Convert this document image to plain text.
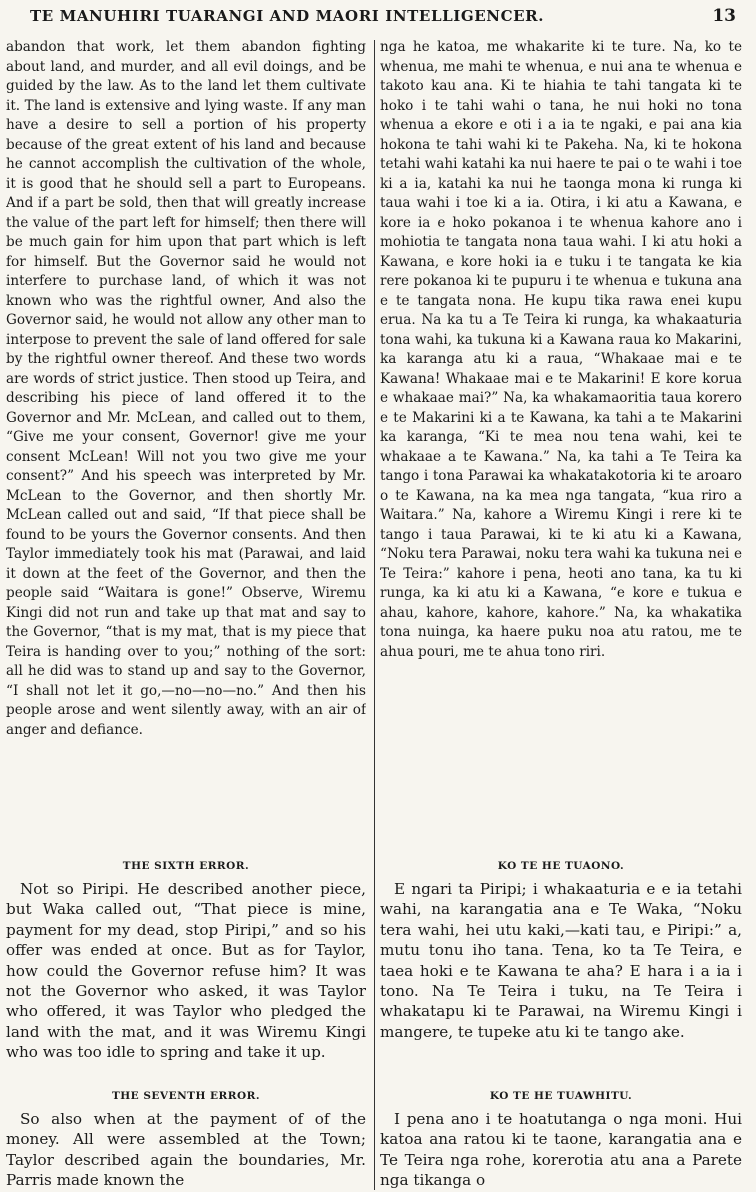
TE MANUHIRI TUARANGI AND MAORI INTELLIGENCER.	13

abandon that work, let them abandon fighting about land, and murder, and all evil doings, and be guided by the law. As to the land let them cultivate it. The land is extensive and lying waste. If any man have a desire to sell a portion of his property because of the great extent of his land and because he cannot accomplish the cultivation of the whole, it is good that he should sell a part to Europeans. And if a part be sold, then that will greatly increase the value of the part left for himself; then there will be much gain for him upon that part which is left for himself. But the Governor said he would not interfere to purchase land, of which it was not known who was the rightful owner, And also the Governor said, he would not allow any other man to interpose to prevent the sale of land offered for sale by the rightful owner thereof. And these two words are words of strict justice. Then stood up Teira, and describing his piece of land offered it to the Governor and Mr. McLean, and called out to them, “Give me your consent, Governor! give me your consent McLean! Will not you two give me your consent?” And his speech was interpreted by Mr. McLean to the Governor, and then shortly Mr. McLean called out and said, “If that piece shall be found to be yours the Governor consents. And then Taylor immediately took his mat (Parawai, and laid it down at the feet of the Governor, and then the people said “Waitara is gone!” Observe, Wiremu Kingi did not run and take up that mat and say to the Governor, “that is my mat, that is my piece that Teira is handing over to you;” nothing of the sort: all he did was to stand up and say to the Governor, “I shall not let it go,—no—no—no.” And then his people arose and went silently away, with an air of anger and defiance.

THE SIXTH ERROR.

Not so Piripi. He described another piece, but Waka called out, “That piece is mine, payment for my dead, stop Piripi,” and so his offer was ended at once. But as for Taylor, how could the Governor refuse him? It was not the Governor who asked, it was Taylor who offered, it was Taylor who pledged the land with the mat, and it was Wiremu Kingi who was too idle to spring and take it up.

THE SEVENTH ERROR.

So also when at the payment of of the money. All were assembled at the Town; Taylor described again the boundaries, Mr. Parris made known the

nga he katoa, me whakarite ki te ture. Na, ko te whenua, me mahi te whenua, e nui ana te whenua e takoto kau ana. Ki te hiahia te tahi tangata ki te hoko i te tahi wahi o tana, he nui hoki no tona whenua a ekore e oti i a ia te ngaki, e pai ana kia hokona te tahi wahi ki te Pakeha. Na, ki te hokona tetahi wahi katahi ka nui haere te pai o te wahi i toe ki a ia, katahi ka nui he taonga mona ki runga ki taua wahi i toe ki a ia. Otira, i ki atu a Kawana, e kore ia e hoko pokanoa i te whenua kahore ano i mohiotia te tangata nona taua wahi. I ki atu hoki a Kawana, e kore hoki ia e tuku i te tangata ke kia rere pokanoa ki te pupuru i te whenua e tukuna ana e te tangata nona. He kupu tika rawa enei kupu erua. Na ka tu a Te Teira ki runga, ka whakaaturia tona wahi, ka tukuna ki a Kawana raua ko Makarini, ka karanga atu ki a raua, “Whakaae mai e te Kawana! Whakaae mai e te Makarini! E kore korua e whakaae mai?” Na, ka whakamaoritia taua korero e te Makarini ki a te Kawana, ka tahi a te Makarini ka karanga, “Ki te mea nou tena wahi, kei te whakaae a te Kawana.” Na, ka tahi a Te Teira ka tango i tona Parawai ka whakatakotoria ki te aroaro o te Kawana, na ka mea nga tangata, “kua riro a Waitara.” Na, kahore a Wiremu Kingi i rere ki te tango i taua Parawai, ki te ki atu ki a Kawana, “Noku tera Parawai, noku tera wahi ka tukuna nei e Te Teira:” kahore i pena, heoti ano tana, ka tu ki runga, ka ki atu ki a Kawana, “e kore e tukua e ahau, kahore, kahore, kahore.” Na, ka whakatika tona nuinga, ka haere puku noa atu ratou, me te ahua pouri, me te ahua tono riri.

KO TE HE TUAONO.

E ngari ta Piripi; i whakaaturia e e ia tetahi wahi, na karangatia ana e Te Waka, “Noku tera wahi, hei utu kaki,—kati tau, e Piripi:” a, mutu tonu iho tana. Tena, ko ta Te Teira, e taea hoki e te Kawana te aha? E hara i a ia i tono. Na Te Teira i tuku, na Te Teira i whakatapu ki te Parawai, na Wiremu Kingi i mangere, te tupeke atu ki te tango ake.

KO TE HE TUAWHITU.

I pena ano i te hoatutanga o nga moni. Hui katoa ana ratou ki te taone, karangatia ana e Te Teira nga rohe, korerotia atu ana a Parete nga tikanga o
